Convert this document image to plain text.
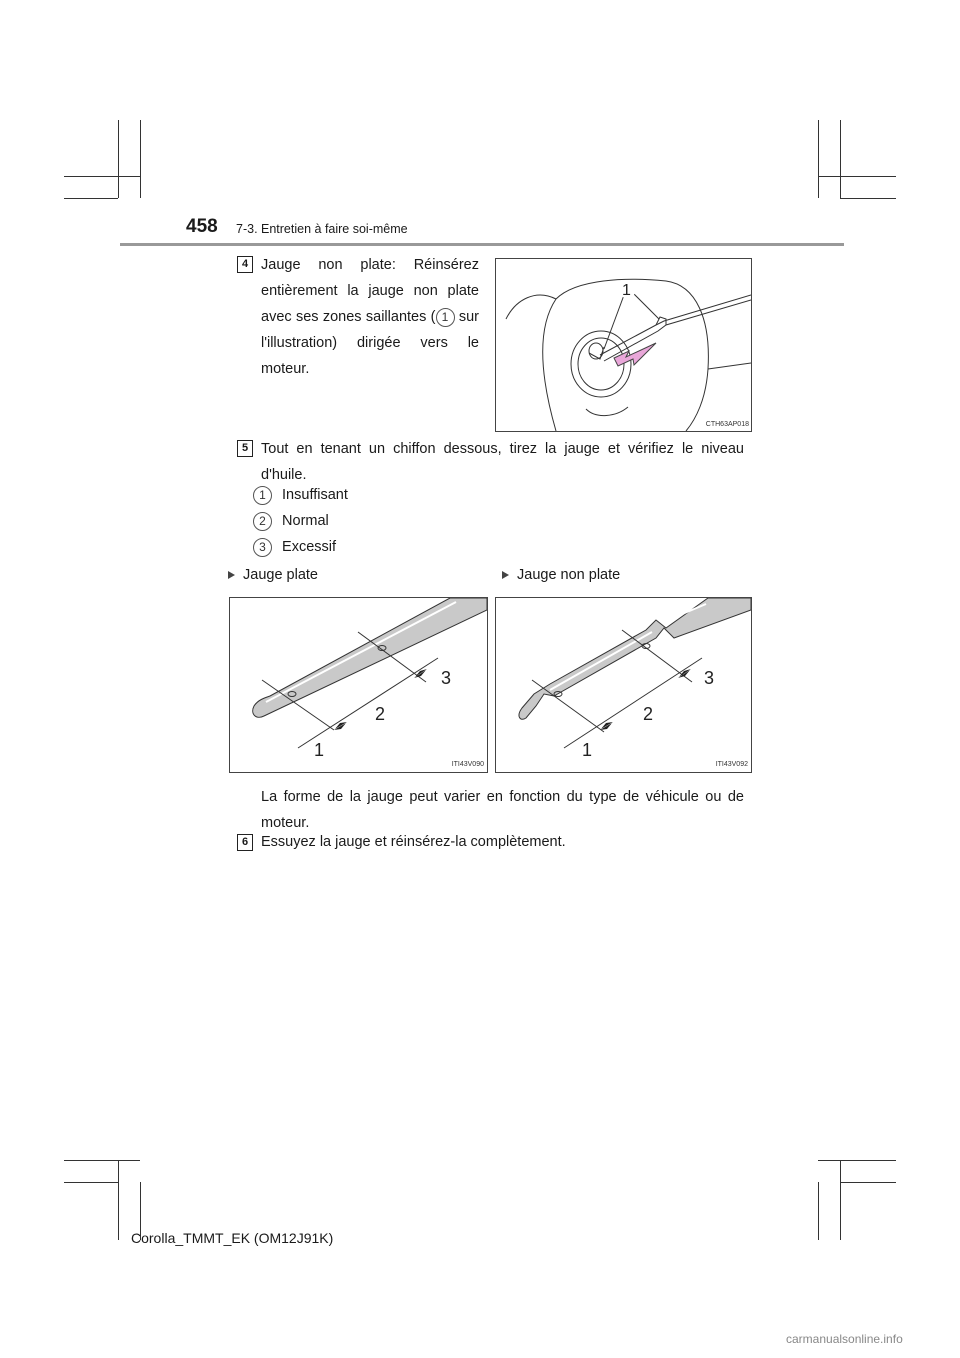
458 7-3. Entretien à faire soi-même
4 Jauge non plate: Réinsérez entièrement la jauge non plate avec ses zones saillantes ( 1 sur l'illustration) dirigée vers le moteur.
1
CTH63AP018
5 Tout en tenant un chiffon dessous, tirez la jauge et vérifiez le niveau d'huile.
1 Insuffisant
2 Normal
3 Excessif
Jauge plate	Jauge non plate
1
2
3
ITI43V090
1
2
3
ITI43V092
La forme de la jauge peut varier en fonction du type de véhicule ou de moteur.
6 Essuyez la jauge et réinsérez-la complètement.
Corolla_TMMT_EK (OM12J91K)
carmanualsonline.info
